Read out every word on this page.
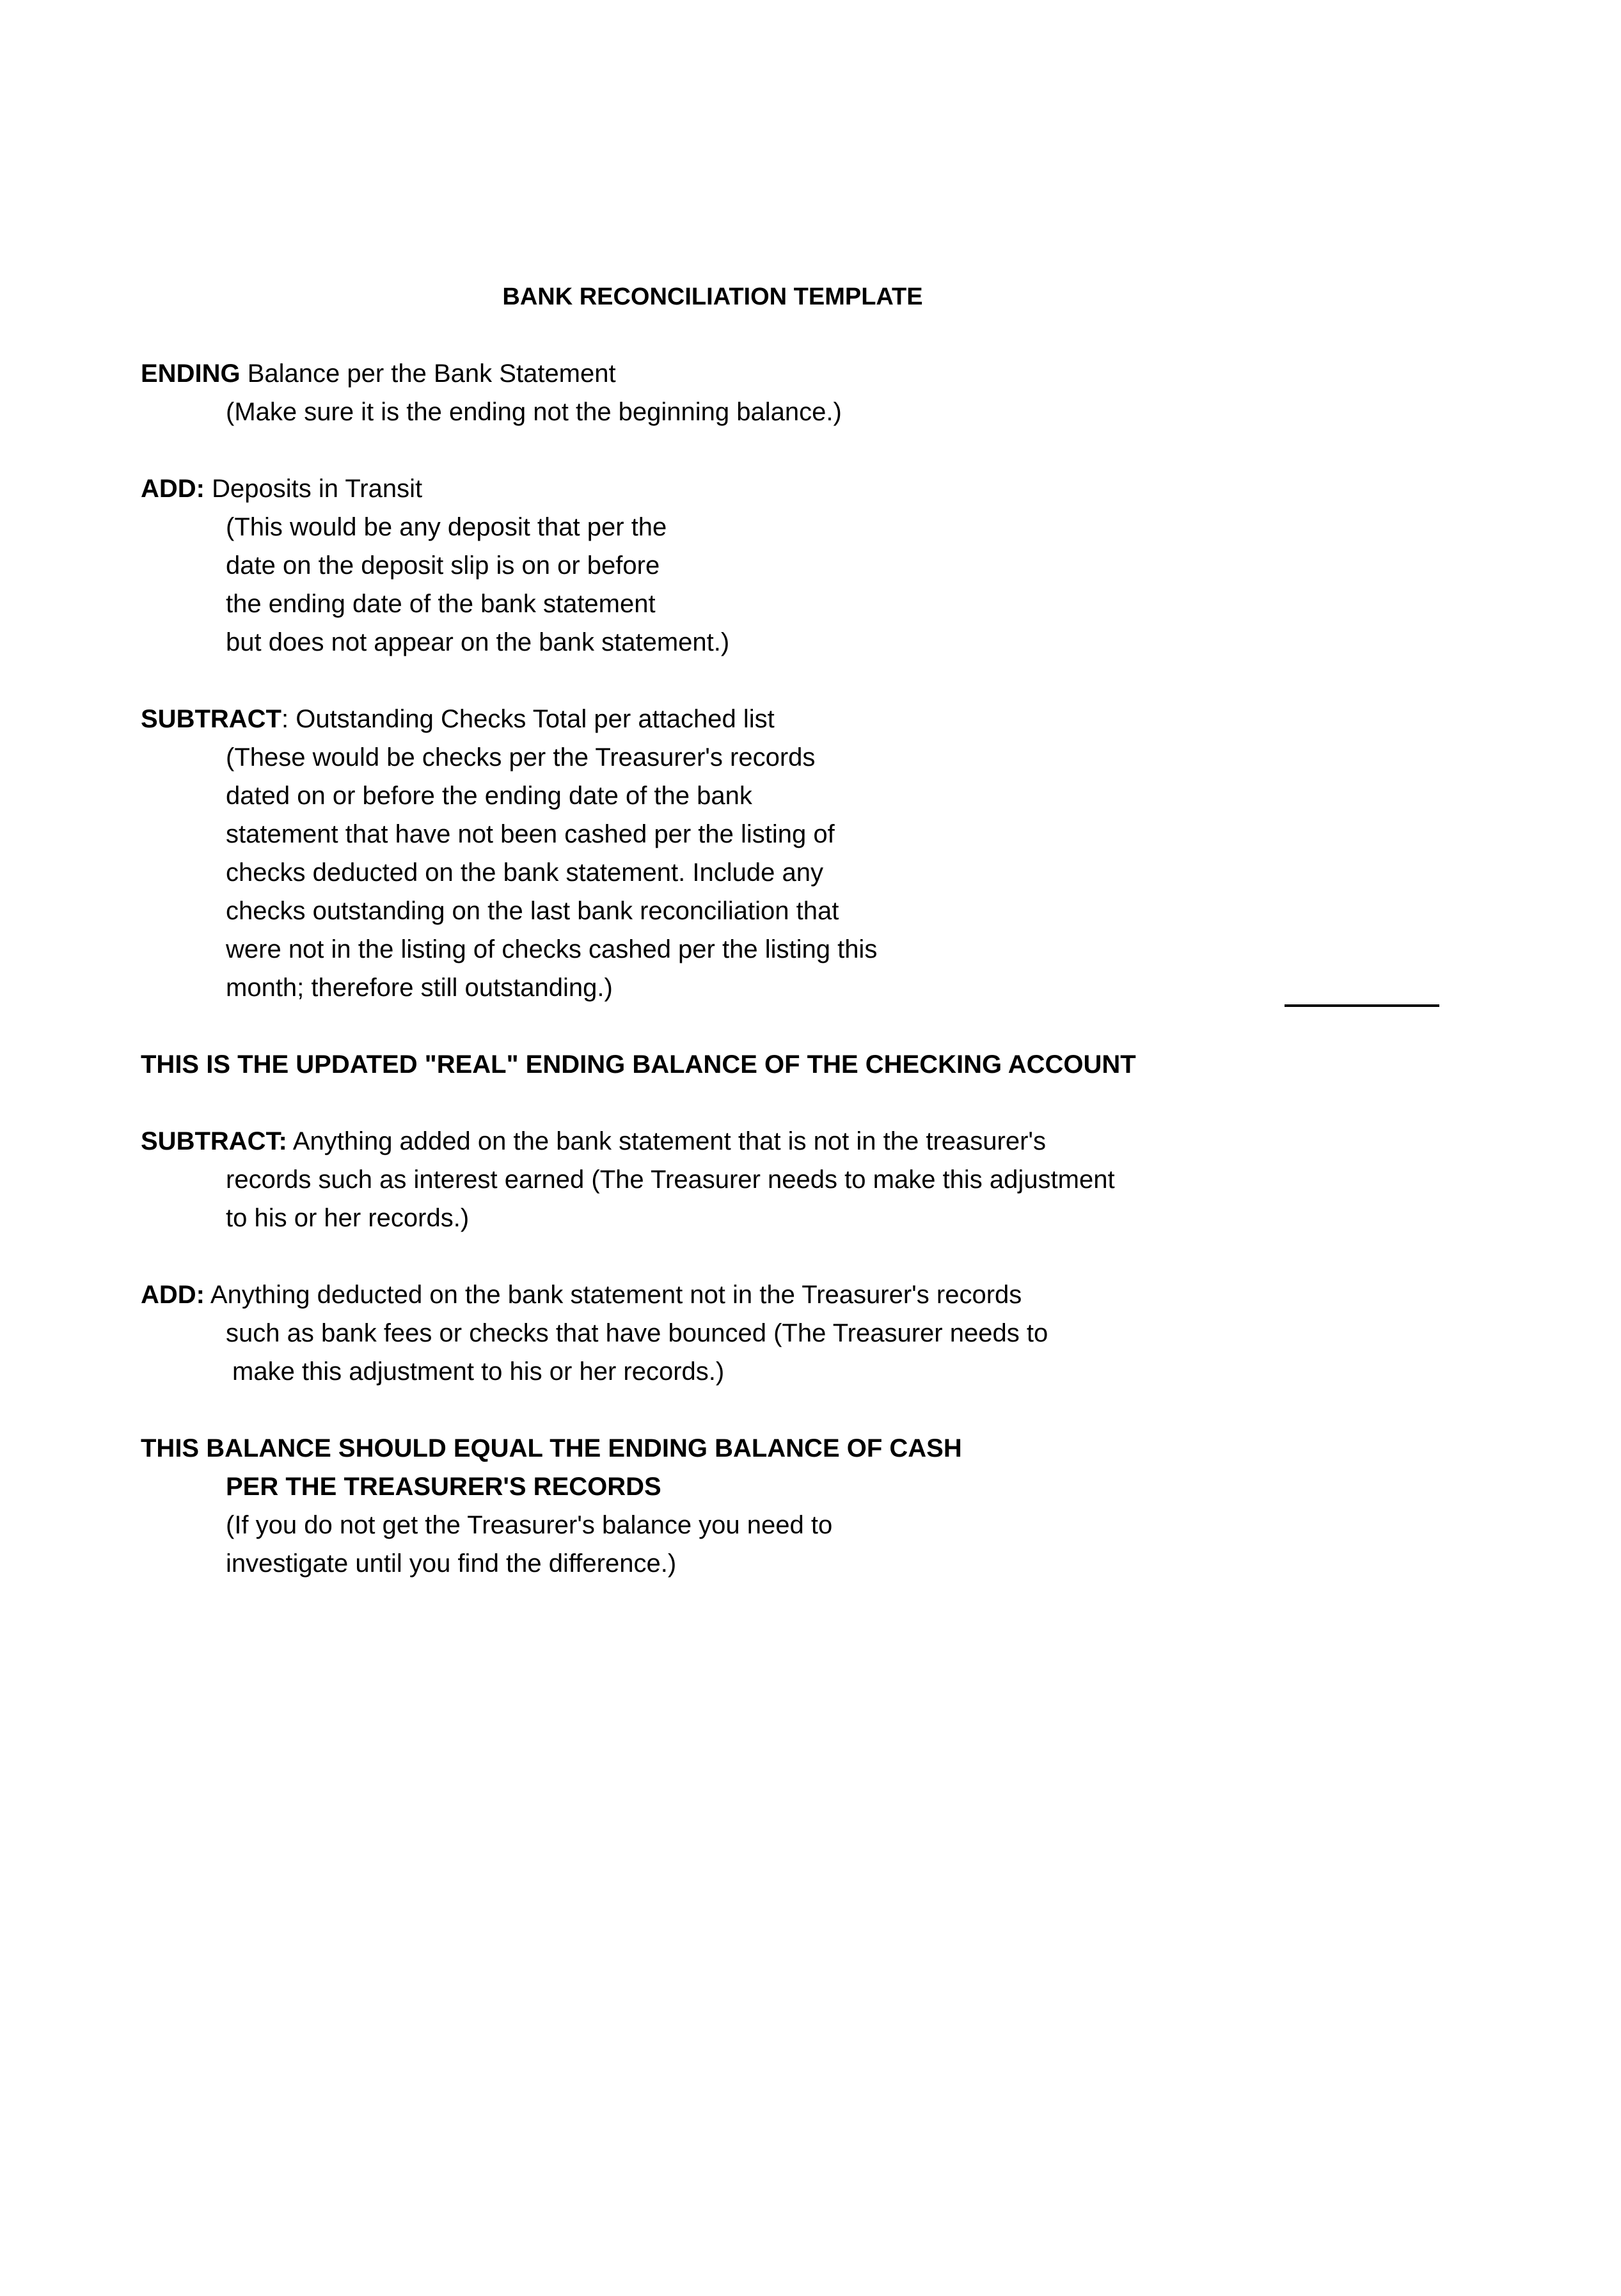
BANK RECONCILIATION TEMPLATE
ENDING Balance per the Bank Statement
(Make sure it is the ending not the beginning balance.)
ADD: Deposits in Transit
(This would be any deposit that per the
date on the deposit slip is on or before
the ending date of the bank statement
but does not appear on the bank statement.)
SUBTRACT: Outstanding Checks Total per attached list
(These would be checks per the Treasurer's records
dated on or before the ending date of the bank
statement that have not been cashed per the listing of
checks deducted on the bank statement. Include any
checks outstanding on the last bank reconciliation that
were not in the listing of checks cashed per the listing this
month; therefore still outstanding.)
THIS IS THE UPDATED "REAL" ENDING BALANCE OF THE CHECKING ACCOUNT
SUBTRACT: Anything added on the bank statement that is not in the treasurer's
records such as interest earned (The Treasurer needs to make this adjustment
to his or her records.)
ADD: Anything deducted on the bank statement not in the Treasurer's records
such as bank fees or checks that have bounced (The Treasurer needs to
make this adjustment to his or her records.)
THIS BALANCE SHOULD EQUAL THE ENDING BALANCE OF CASH
PER THE TREASURER'S RECORDS
(If you do not get the Treasurer's balance you need to
investigate until you find the difference.)
